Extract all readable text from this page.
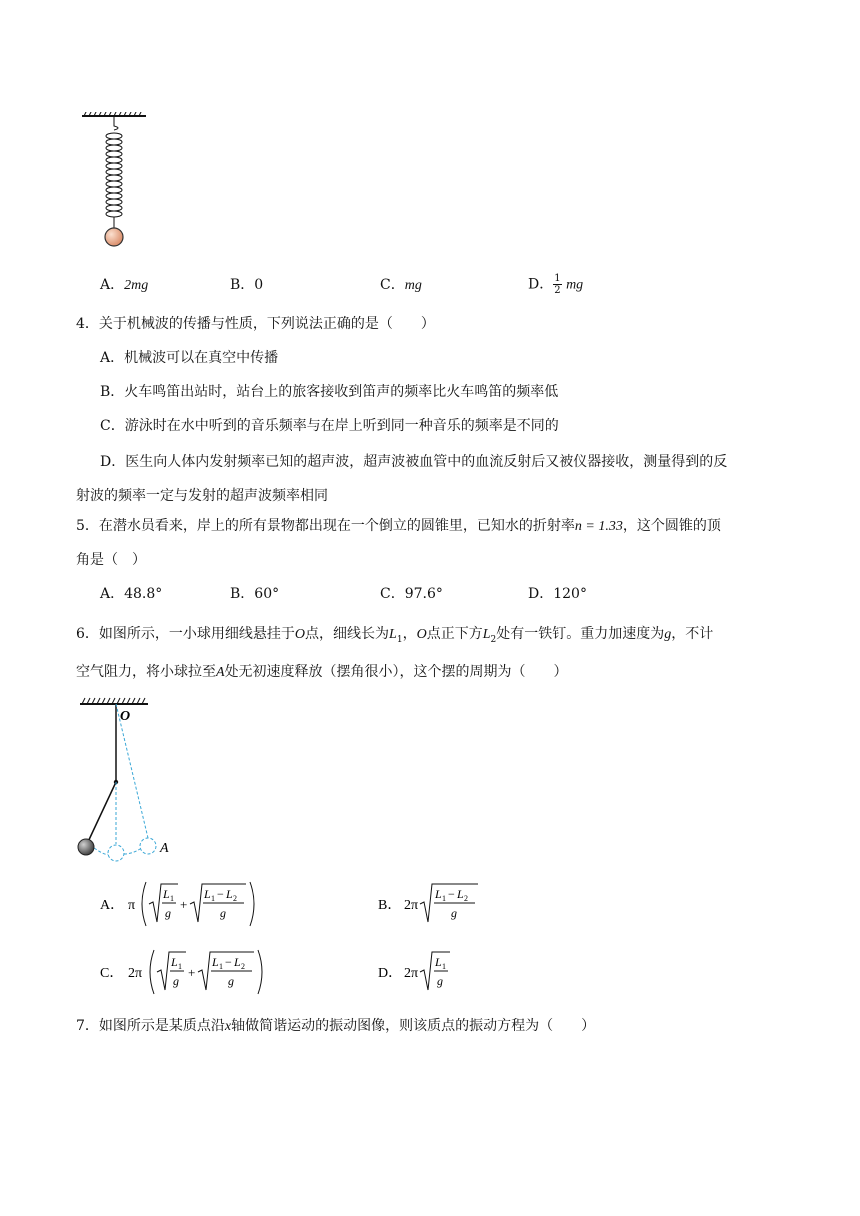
A．2mg	B．0	C．mg	D． $\frac{1}{2}$ mg
4．关于机械波的传播与性质，下列说法正确的是（　　）
A．机械波可以在真空中传播
B．火车鸣笛出站时，站台上的旅客接收到笛声的频率比火车鸣笛的频率低
C．游泳时在水中听到的音乐频率与在岸上听到同一种音乐的频率是不同的
D．医生向人体内发射频率已知的超声波，超声波被血管中的血流反射后又被仪器接收，测量得到的反
射波的频率一定与发射的超声波频率相同
5．在潜水员看来，岸上的所有景物都出现在一个倒立的圆锥里，已知水的折射率n = 1.33，这个圆锥的顶
角是（　）
A．48.8°	B．60°	C．97.6°	D．120°
6．如图所示，一小球用细线悬挂于O点，细线长为$L_1$，O点正下方$L_2$处有一铁钉。重力加速度为g，不计
空气阻力，将小球拉至A处无初速度释放（摆角很小），这个摆的周期为（　　）
O
A
A． π
L 1
g
+
L 1 − L 2
g	B． 2π
L 1 − L 2
g
C． 2π
L 1
g
+
L 1 − L 2
g	D． 2π
L 1
g
7．如图所示是某质点沿x轴做简谐运动的振动图像，则该质点的振动方程为（　　）
